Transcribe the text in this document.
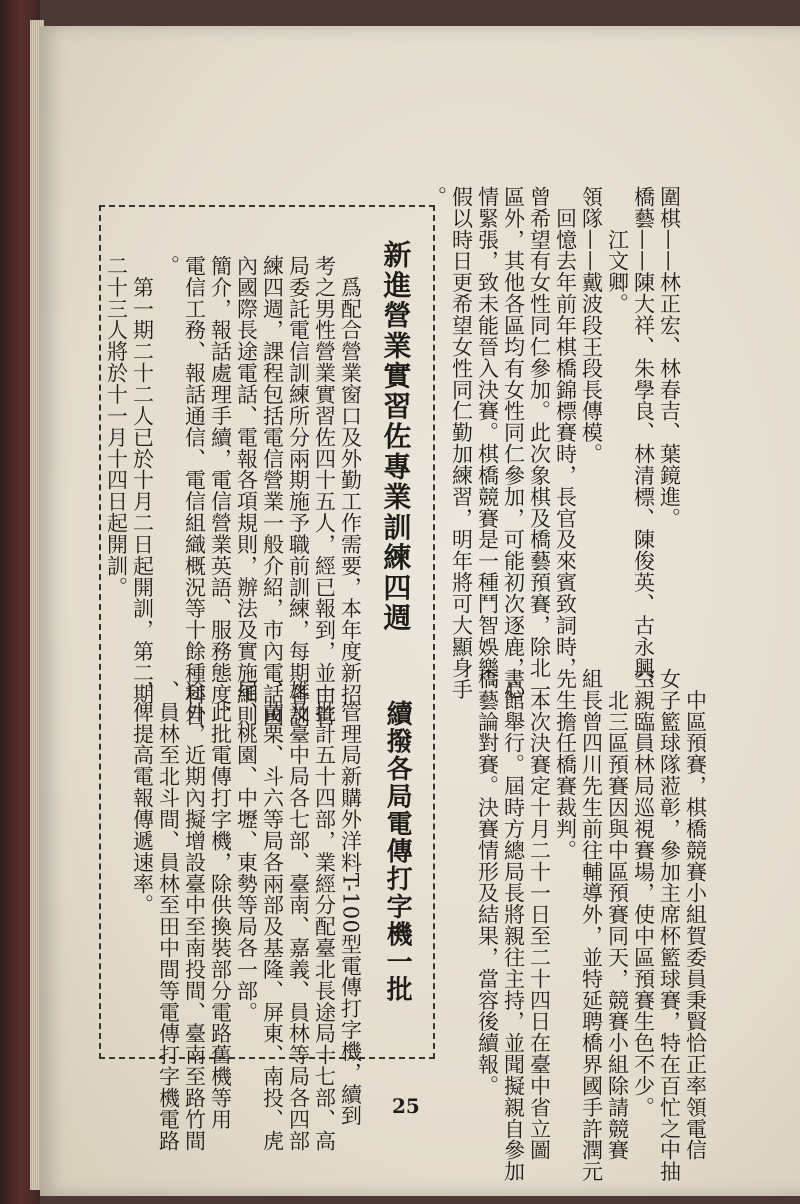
圍棋——林正宏、林春吉、葉鏡進。
橋藝——陳大祥、朱學良、林清標、陳俊英、古永興、
　　江文卿。
領隊——戴波段王段長傳模。
　回憶去年前年棋橋錦標賽時，長官及來賓致詞時，
曾希望有女性同仁參加。此次象棋及橋藝預賽，除北一
區外，其他各區均有女性同仁參加，可能初次逐鹿，心
情緊張，致未能晉入決賽。棋橋競賽是一種鬥智娛樂。
假以時日更希望女性同仁勤加練習，明年將可大顯身手
。
　中區預賽，棋橋競賽小組賀委員秉賢恰正率領電信
女子籃球隊蒞彰，參加主席杯籃球賽，特在百忙之中抽
空親臨員林局巡視賽場，使中區預賽生色不少。
　北三區預賽因與中區預賽同天，競賽小組除請競賽
組長曾四川先生前往輔導外，並特延聘橋界國手許潤元
先生擔任橋賽裁判。
　本次決賽定十月二十一日至二十四日在臺中省立圖
書館舉行。屆時方總局長將親往主持，並聞擬親自參加
橋藝論對賽。決賽情形及結果，當容後續報。
新進營業實習佐專業訓練四週
　爲配合營業窗口及外勤工作需要，本年度新招
考之男性營業實習佐四十五人，經已報到，並由管
局委託電信訓練所分兩期施予職前訓練，每期各訓
練四週，課程包括電信營業一般介紹，市內電話國
內國際長途電話、電報各項規則，辦法及實施細則
簡介，報話處理手續，電信營業英語、服務態度、
電信工務、報話通信、電信組織概況等十餘種科目
。
　第一期二十二人已於十月二日起開訓，第二期
二十三人將於十一月十四日起開訓。
續撥各局電傳打字機一批
　管理局新購外洋料T-100型電傳打字機，續到
一批計五十四部，業經分配臺北長途局十七部、高
雄及臺中局各七部、臺南、嘉義、員林等局各四部
、苗栗、斗六等局各兩部及基隆、屏東、南投、虎
尾、桃園、中壢、東勢等局各一部。
　此批電傳打字機，除供換裝部分電路舊機等用
途外，近期內擬增設臺中至南投間、臺南至路竹間
、員林至北斗間、員林至田中間等電傳打字機電路
，俾提高電報傳遞速率。
25
